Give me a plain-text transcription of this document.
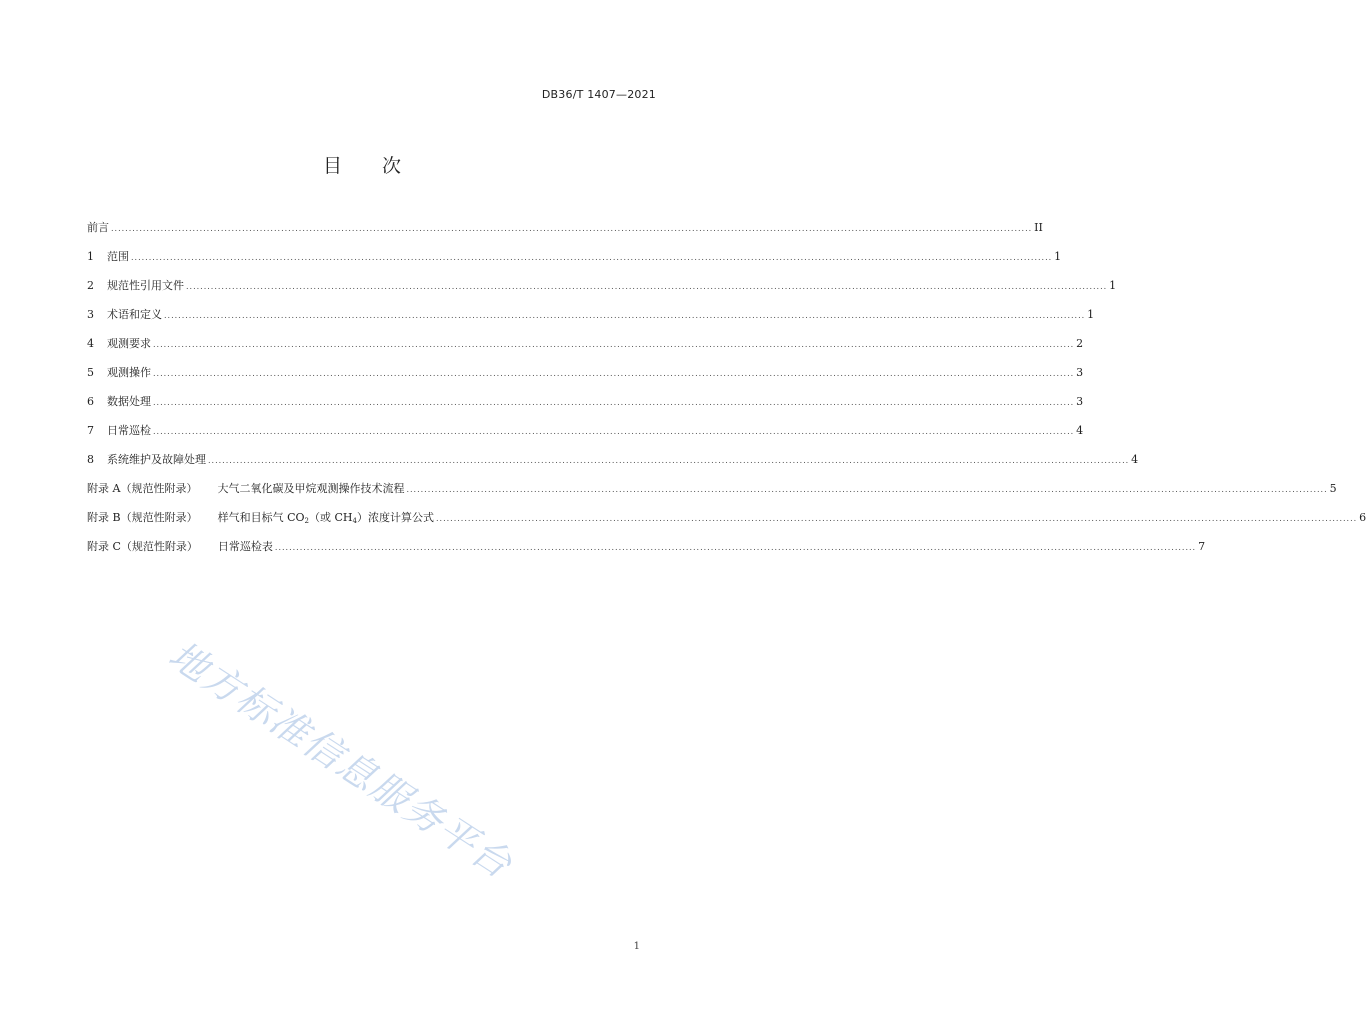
DB36/T 1407—2021
目 次
前言 .................................................................................................................................................................................................................................................................... II
1	范围 .................................................................................................................................................................................................................................................................... 1
2	规范性引用文件 .................................................................................................................................................................................................................................................................... 1
3	术语和定义 .................................................................................................................................................................................................................................................................... 1
4	观测要求 .................................................................................................................................................................................................................................................................... 2
5	观测操作 .................................................................................................................................................................................................................................................................... 3
6	数据处理 .................................................................................................................................................................................................................................................................... 3
7	日常巡检 .................................................................................................................................................................................................................................................................... 4
8	系统维护及故障处理 .................................................................................................................................................................................................................................................................... 4
附录 A（规范性附录） 大气二氧化碳及甲烷观测操作技术流程 .................................................................................................................................................................................................................................................................... 5
附录 B（规范性附录） 样气和目标气 $CO_2$（或 $CH_4$）浓度计算公式 .................................................................................................................................................................................................................................................................... 6
附录 C（规范性附录） 日常巡检表 .................................................................................................................................................................................................................................................................... 7
地方标准信息服务平台
1
